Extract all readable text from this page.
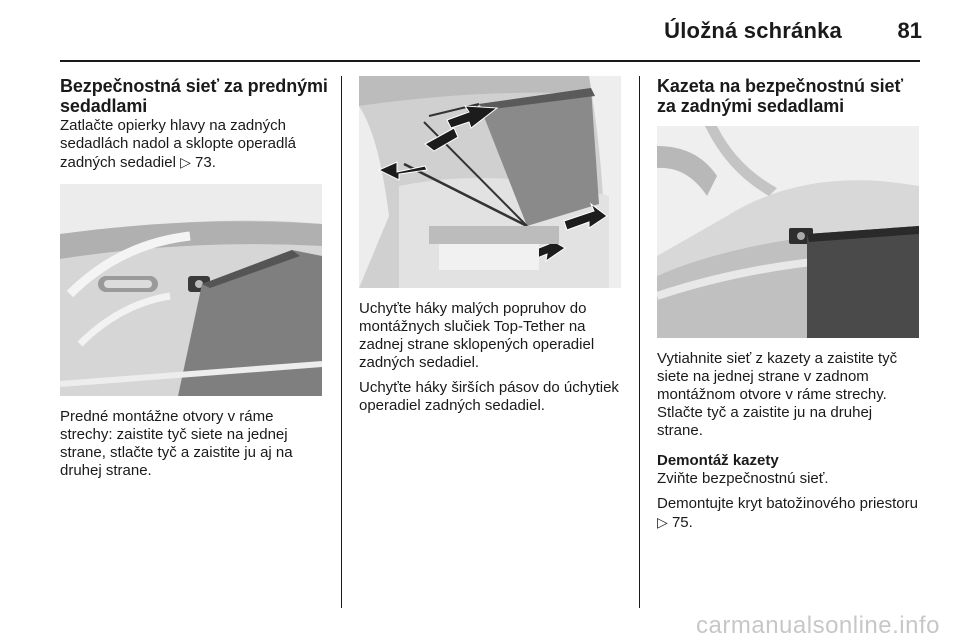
Úložná schránka	81
Bezpečnostná sieť za prednými sedadlami

Zatlačte opierky hlavy na zadných sedadlách nadol a sklopte operadlá zadných sedadiel ▷ 73.

Predné montážne otvory v ráme strechy: zaistite tyč siete na jednej strane, stlačte tyč a zaistite ju aj na druhej strane.

Uchyťte háky malých popruhov do montážnych slučiek Top-Tether na zadnej strane sklopených operadiel zadných sedadiel.

Uchyťte háky širších pásov do úchytiek operadiel zadných sedadiel.

Kazeta na bezpečnostnú sieť za zadnými sedadlami

Vytiahnite sieť z kazety a zaistite tyč siete na jednej strane v zadnom montážnom otvore v ráme strechy. Stlačte tyč a zaistite ju na druhej strane.

Demontáž kazety

Zviňte bezpečnostnú sieť.

Demontujte kryt batožinového priestoru ▷ 75.

carmanualsonline.info
